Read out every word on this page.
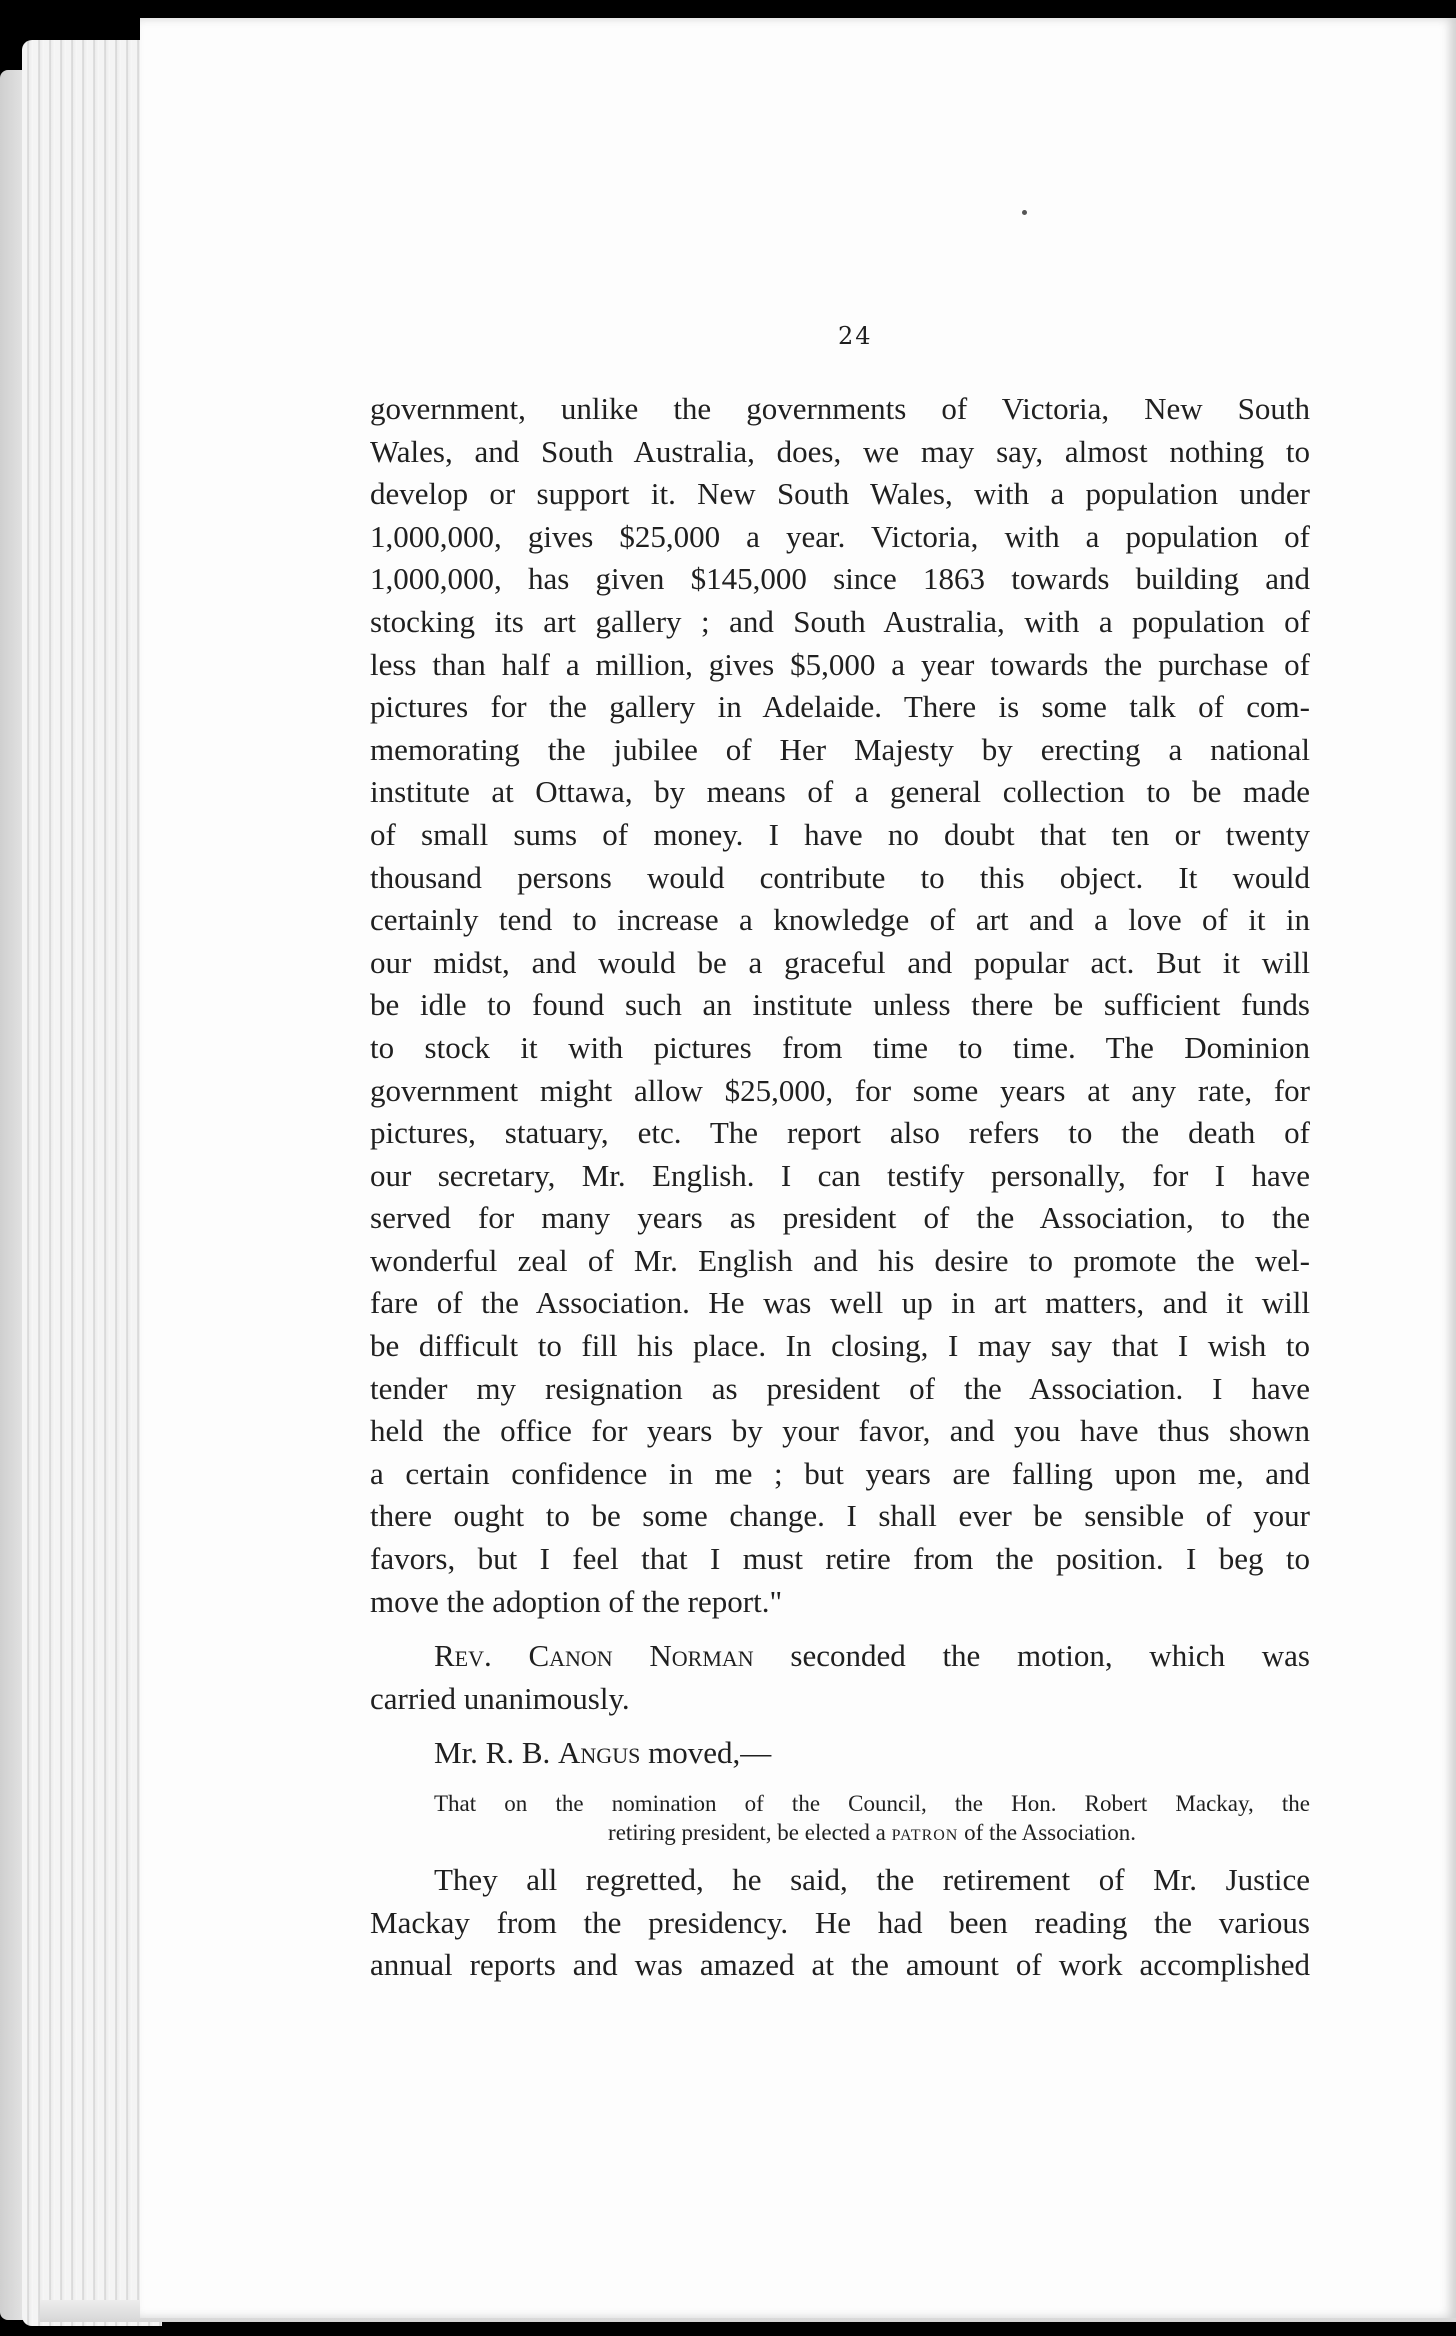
24

government, unlike the governments of Victoria, New South
Wales, and South Australia, does, we may say, almost nothing to
develop or support it. New South Wales, with a population under
1,000,000, gives $25,000 a year. Victoria, with a population of
1,000,000, has given $145,000 since 1863 towards building and
stocking its art gallery ; and South Australia, with a population of
less than half a million, gives $5,000 a year towards the purchase of
pictures for the gallery in Adelaide. There is some talk of com-
memorating the jubilee of Her Majesty by erecting a national
institute at Ottawa, by means of a general collection to be made
of small sums of money. I have no doubt that ten or twenty
thousand persons would contribute to this object. It would
certainly tend to increase a knowledge of art and a love of it in
our midst, and would be a graceful and popular act. But it will
be idle to found such an institute unless there be sufficient funds
to stock it with pictures from time to time. The Dominion
government might allow $25,000, for some years at any rate, for
pictures, statuary, etc. The report also refers to the death of
our secretary, Mr. English. I can testify personally, for I have
served for many years as president of the Association, to the
wonderful zeal of Mr. English and his desire to promote the wel-
fare of the Association. He was well up in art matters, and it will
be difficult to fill his place. In closing, I may say that I wish to
tender my resignation as president of the Association. I have
held the office for years by your favor, and you have thus shown
a certain confidence in me ; but years are falling upon me, and
there ought to be some change. I shall ever be sensible of your
favors, but I feel that I must retire from the position. I beg to
move the adoption of the report."

Rev. Canon Norman seconded the motion, which was
carried unanimously.

Mr. R. B. Angus moved,—

That on the nomination of the Council, the Hon. Robert Mackay, the
retiring president, be elected a patron of the Association.

They all regretted, he said, the retirement of Mr. Justice
Mackay from the presidency. He had been reading the various
annual reports and was amazed at the amount of work accomplished
